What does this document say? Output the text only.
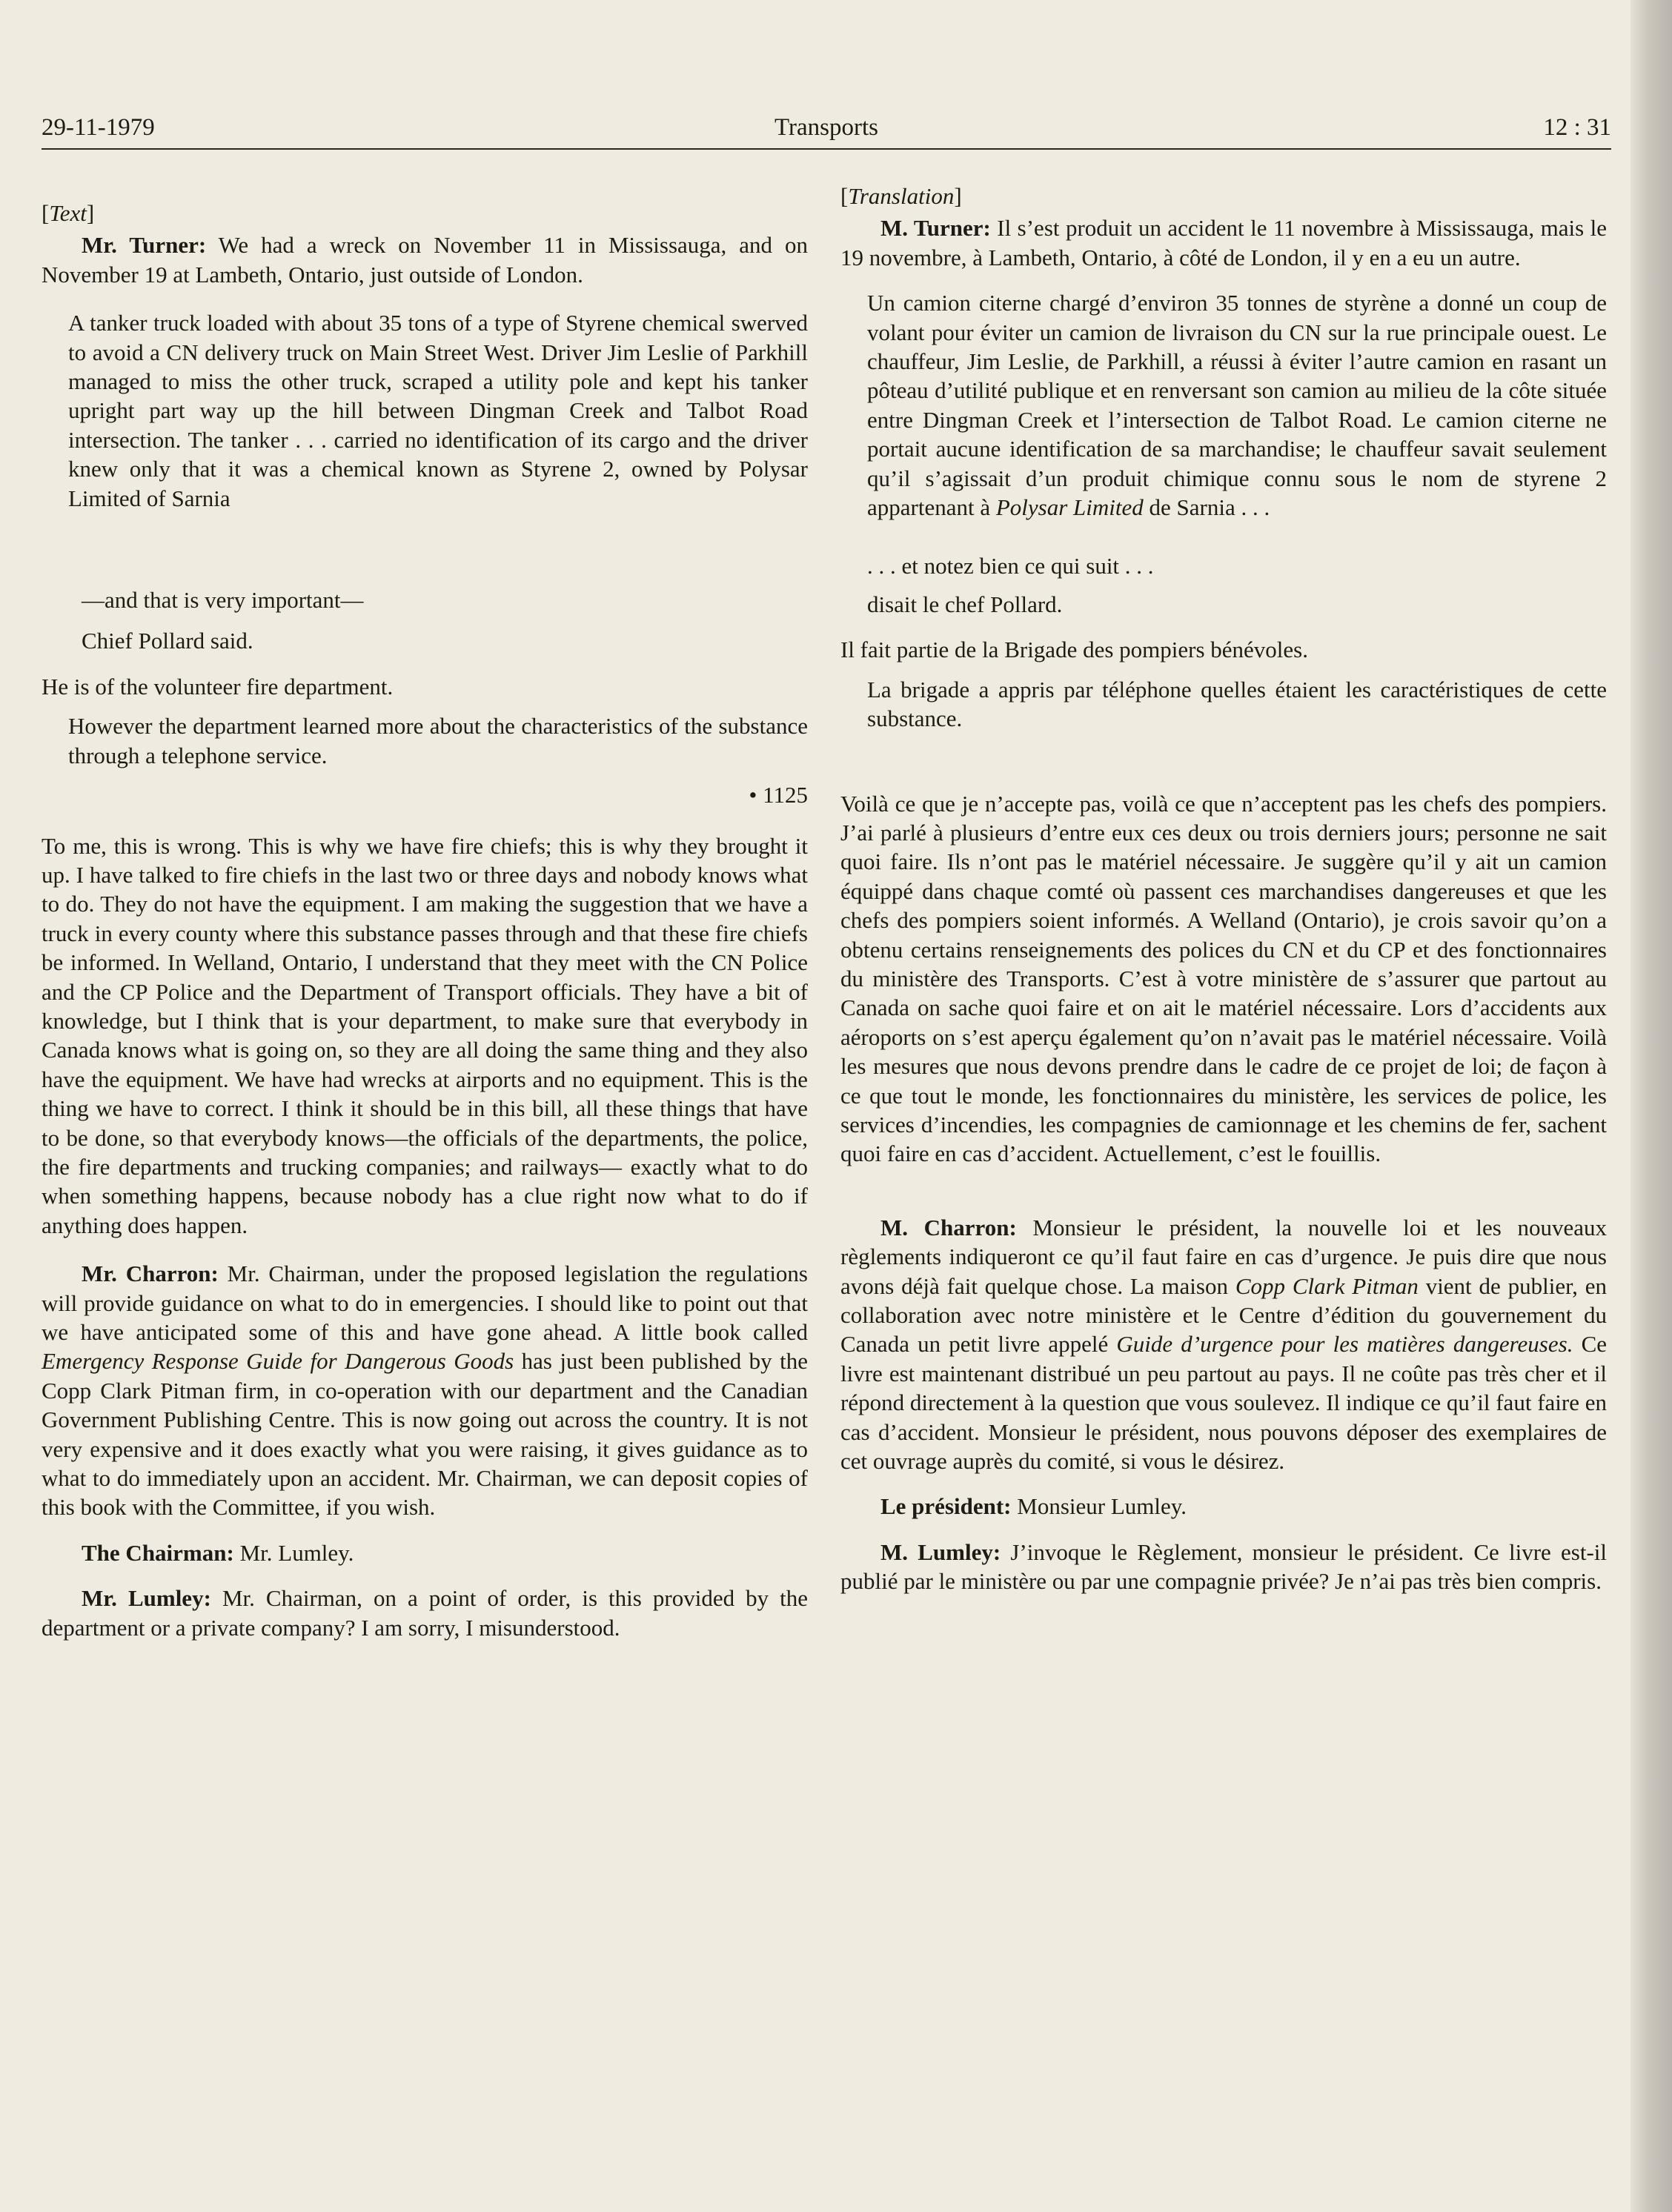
29-11-1979	Transports	12 : 31

[Text]

Mr. Turner: We had a wreck on November 11 in Mississauga, and on November 19 at Lambeth, Ontario, just outside of London.

A tanker truck loaded with about 35 tons of a type of Styrene chemical swerved to avoid a CN delivery truck on Main Street West. Driver Jim Leslie of Parkhill managed to miss the other truck, scraped a utility pole and kept his tanker upright part way up the hill between Dingman Creek and Talbot Road intersection. The tanker . . . carried no identification of its cargo and the driver knew only that it was a chemical known as Styrene 2, owned by Polysar Limited of Sarnia

—and that is very important—

Chief Pollard said.

He is of the volunteer fire department.

However the department learned more about the characteristics of the substance through a telephone service.

• 1125

To me, this is wrong. This is why we have fire chiefs; this is why they brought it up. I have talked to fire chiefs in the last two or three days and nobody knows what to do. They do not have the equipment. I am making the suggestion that we have a truck in every county where this substance passes through and that these fire chiefs be informed. In Welland, Ontario, I understand that they meet with the CN Police and the CP Police and the Department of Transport officials. They have a bit of knowledge, but I think that is your department, to make sure that everybody in Canada knows what is going on, so they are all doing the same thing and they also have the equipment. We have had wrecks at airports and no equipment. This is the thing we have to correct. I think it should be in this bill, all these things that have to be done, so that everybody knows—the officials of the departments, the police, the fire departments and trucking companies; and railways— exactly what to do when something happens, because nobody has a clue right now what to do if anything does happen.

Mr. Charron: Mr. Chairman, under the proposed legislation the regulations will provide guidance on what to do in emergencies. I should like to point out that we have anticipated some of this and have gone ahead. A little book called Emergency Response Guide for Dangerous Goods has just been published by the Copp Clark Pitman firm, in co-operation with our department and the Canadian Government Publishing Centre. This is now going out across the country. It is not very expensive and it does exactly what you were raising, it gives guidance as to what to do immediately upon an accident. Mr. Chairman, we can deposit copies of this book with the Committee, if you wish.

The Chairman: Mr. Lumley.

Mr. Lumley: Mr. Chairman, on a point of order, is this provided by the department or a private company? I am sorry, I misunderstood.

[Translation]

M. Turner: Il s’est produit un accident le 11 novembre à Mississauga, mais le 19 novembre, à Lambeth, Ontario, à côté de London, il y en a eu un autre.

Un camion citerne chargé d’environ 35 tonnes de styrène a donné un coup de volant pour éviter un camion de livraison du CN sur la rue principale ouest. Le chauffeur, Jim Leslie, de Parkhill, a réussi à éviter l’autre camion en rasant un pôteau d’utilité publique et en renversant son camion au milieu de la côte située entre Dingman Creek et l’intersection de Talbot Road. Le camion citerne ne portait aucune identification de sa marchandise; le chauffeur savait seulement qu’il s’agissait d’un produit chimique connu sous le nom de styrene 2 appartenant à Polysar Limited de Sarnia . . .

. . . et notez bien ce qui suit . . .

disait le chef Pollard.

Il fait partie de la Brigade des pompiers bénévoles.

La brigade a appris par téléphone quelles étaient les caractéristiques de cette substance.

Voilà ce que je n’accepte pas, voilà ce que n’acceptent pas les chefs des pompiers. J’ai parlé à plusieurs d’entre eux ces deux ou trois derniers jours; personne ne sait quoi faire. Ils n’ont pas le matériel nécessaire. Je suggère qu’il y ait un camion équippé dans chaque comté où passent ces marchandises dangereuses et que les chefs des pompiers soient informés. A Welland (Ontario), je crois savoir qu’on a obtenu certains renseignements des polices du CN et du CP et des fonctionnaires du ministère des Transports. C’est à votre ministère de s’assurer que partout au Canada on sache quoi faire et on ait le matériel nécessaire. Lors d’accidents aux aéroports on s’est aperçu également qu’on n’avait pas le matériel nécessaire. Voilà les mesures que nous devons prendre dans le cadre de ce projet de loi; de façon à ce que tout le monde, les fonctionnaires du ministère, les services de police, les services d’incendies, les compagnies de camionnage et les chemins de fer, sachent quoi faire en cas d’accident. Actuellement, c’est le fouillis.

M. Charron: Monsieur le président, la nouvelle loi et les nouveaux règlements indiqueront ce qu’il faut faire en cas d’urgence. Je puis dire que nous avons déjà fait quelque chose. La maison Copp Clark Pitman vient de publier, en collaboration avec notre ministère et le Centre d’édition du gouvernement du Canada un petit livre appelé Guide d’urgence pour les matières dangereuses. Ce livre est maintenant distribué un peu partout au pays. Il ne coûte pas très cher et il répond directement à la question que vous soulevez. Il indique ce qu’il faut faire en cas d’accident. Monsieur le président, nous pouvons déposer des exemplaires de cet ouvrage auprès du comité, si vous le désirez.

Le président: Monsieur Lumley.

M. Lumley: J’invoque le Règlement, monsieur le président. Ce livre est-il publié par le ministère ou par une compagnie privée? Je n’ai pas très bien compris.
